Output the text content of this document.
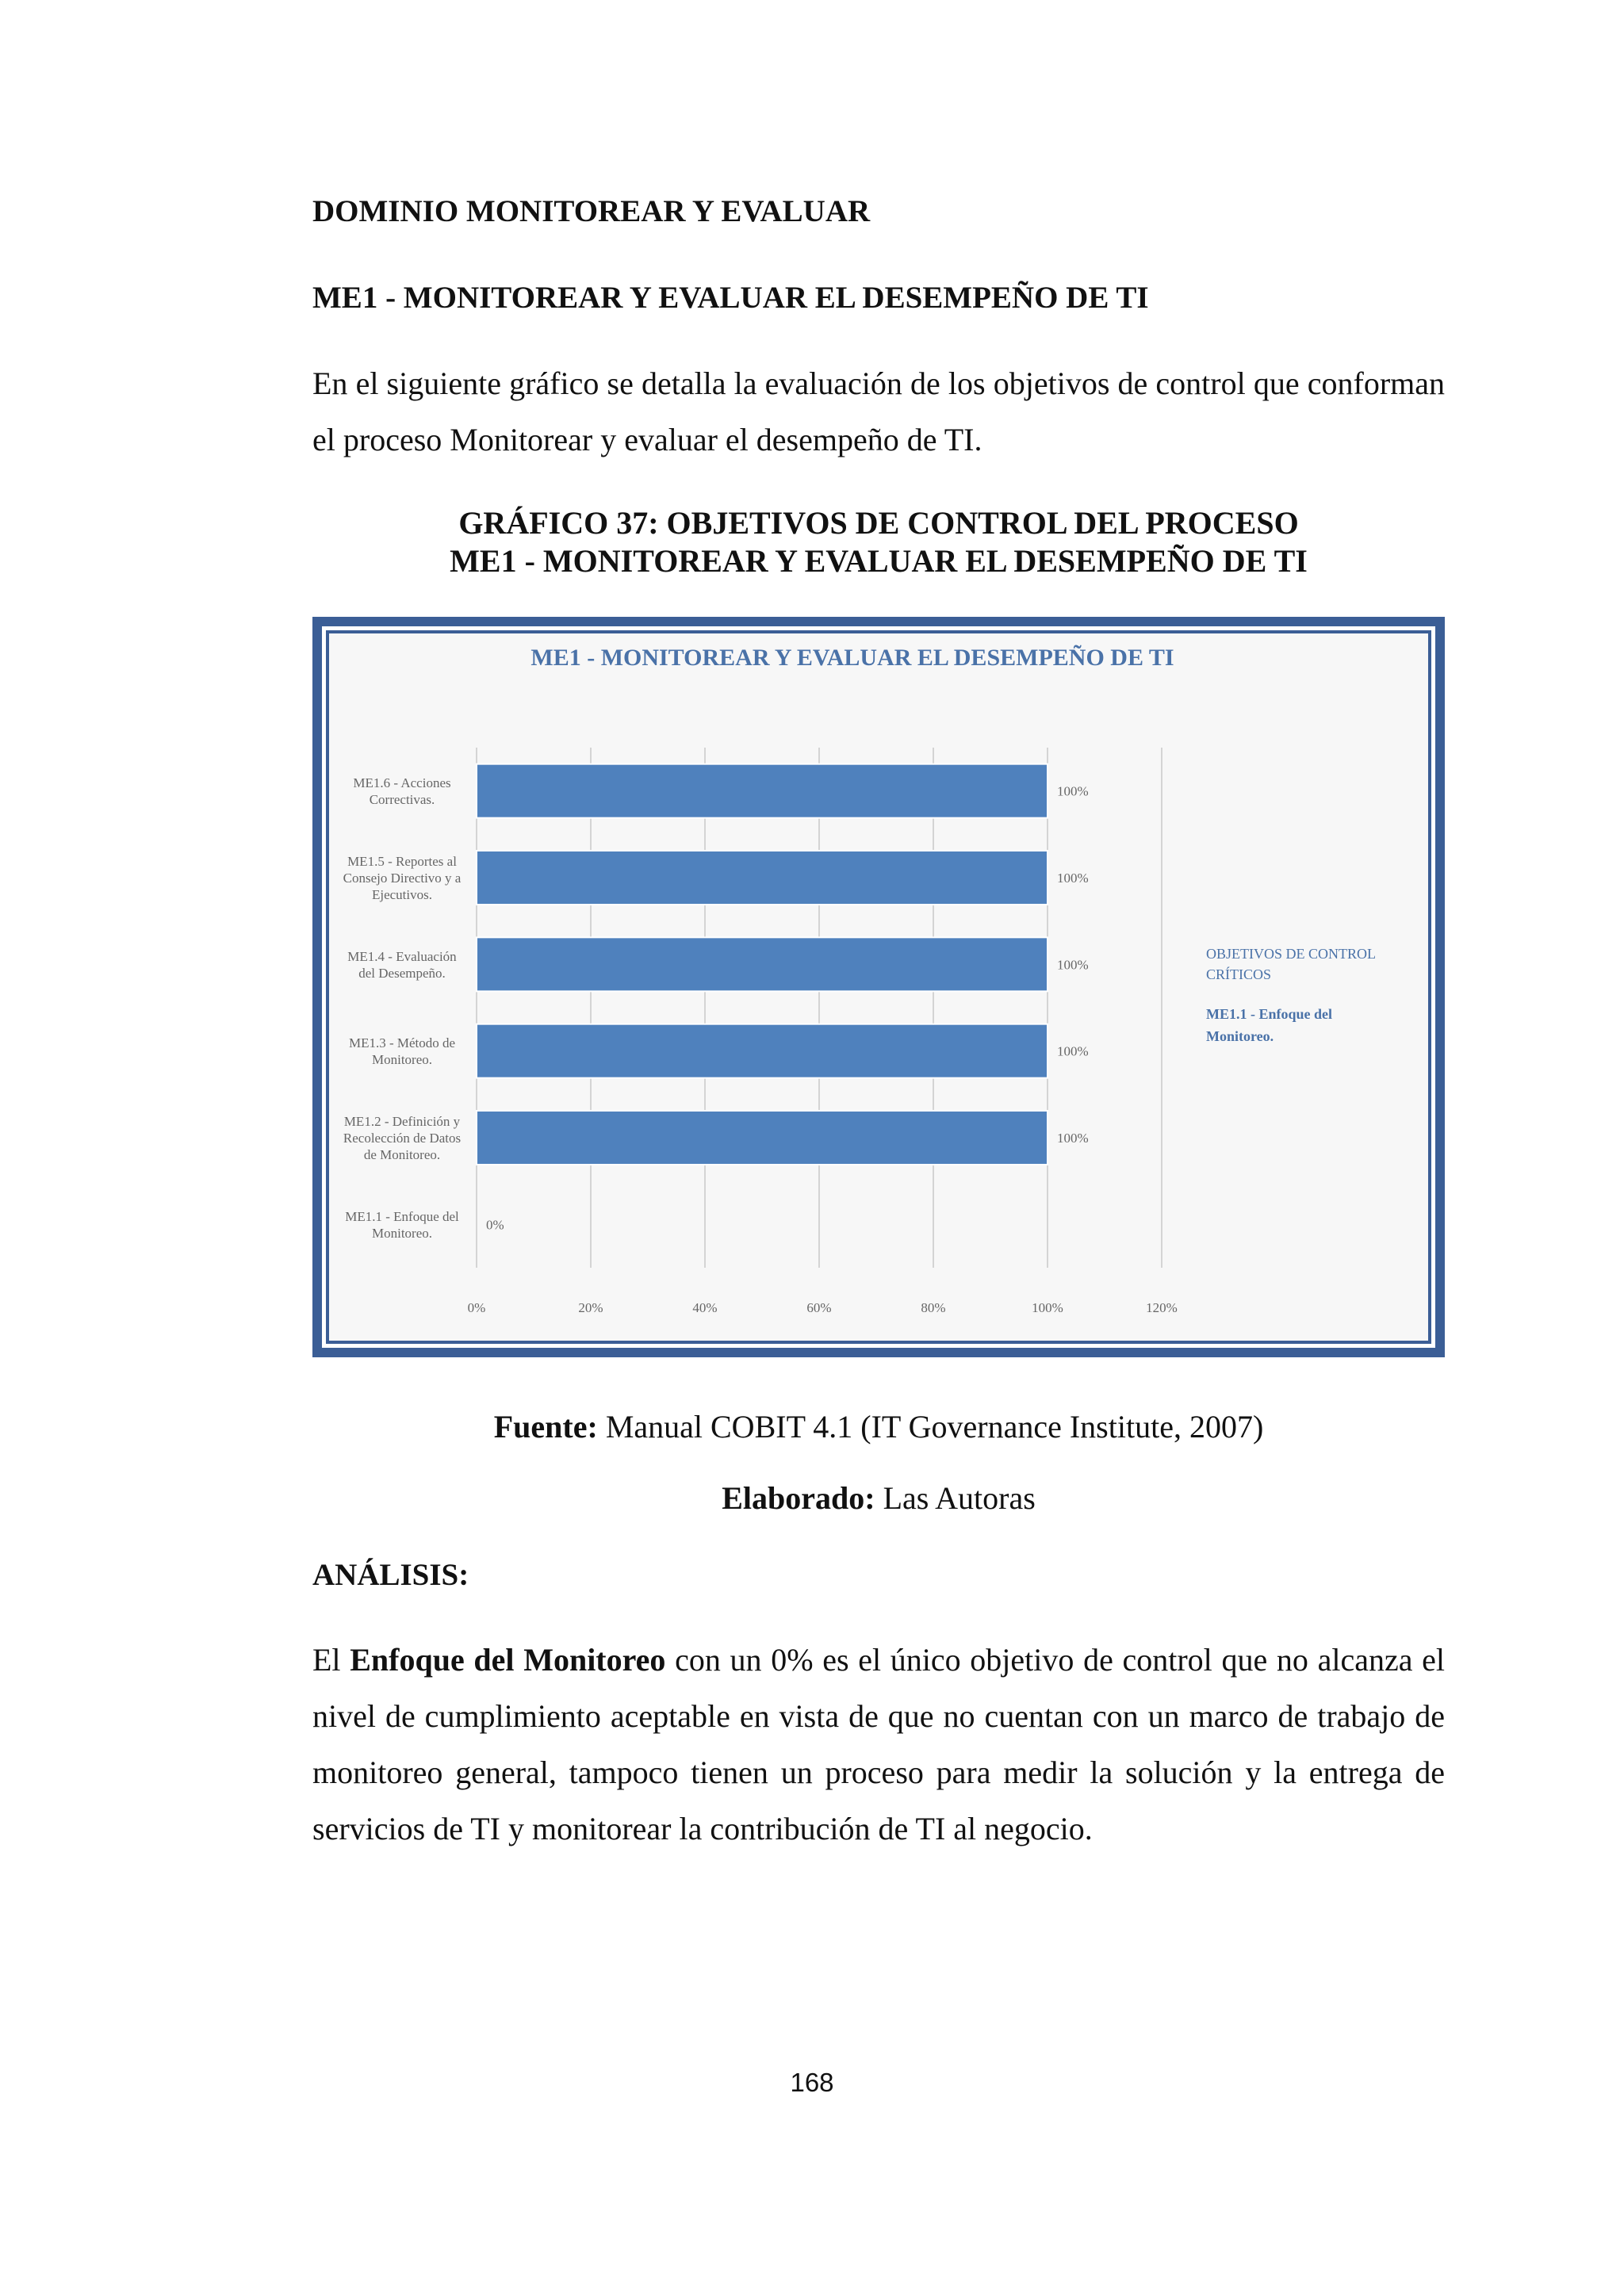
DOMINIO MONITOREAR Y EVALUAR
ME1 - MONITOREAR Y EVALUAR EL DESEMPEÑO DE TI

En el siguiente gráfico se detalla la evaluación de los objetivos de control que conforman el proceso Monitorear y evaluar el desempeño de TI.

GRÁFICO 37: OBJETIVOS DE CONTROL DEL PROCESO
ME1 - MONITOREAR Y EVALUAR EL DESEMPEÑO DE TI
ME1 - MONITOREAR Y EVALUAR EL DESEMPEÑO DE TI
100%
100%
100%
100%
100%
0%
ME1.6 - Acciones Correctivas.
ME1.5 - Reportes al Consejo Directivo y a Ejecutivos.
ME1.4 - Evaluación del Desempeño.
ME1.3 - Método de Monitoreo.
ME1.2 - Definición y Recolección de Datos de Monitoreo.
ME1.1 - Enfoque del Monitoreo.
0%	20%	40%	60%	80%	100%	120%
OBJETIVOS DE CONTROL
CRÍTICOS
ME1.1 - Enfoque del
Monitoreo.

Fuente: Manual COBIT 4.1 (IT Governance Institute, 2007)

Elaborado: Las Autoras

ANÁLISIS:

El Enfoque del Monitoreo con un 0% es el único objetivo de control que no alcanza el nivel de cumplimiento aceptable en vista de que no cuentan con un marco de trabajo de monitoreo general, tampoco tienen un proceso para medir la solución y la entrega de servicios de TI y monitorear la contribución de TI al negocio.

168
